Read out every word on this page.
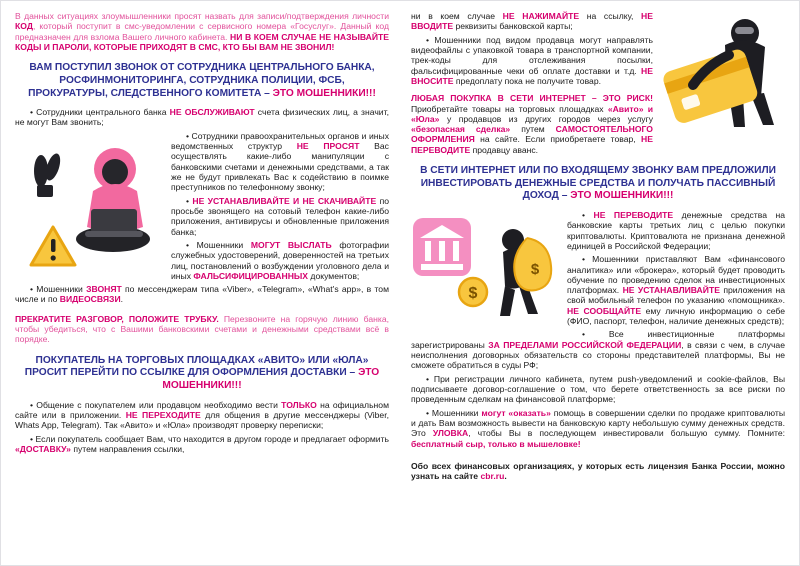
В данных ситуациях злоумышленники просят назвать для записи/подтверждения личности КОД, который поступит в смс-уведомлении с сервисного номера «Госуслуг». Данный код предназначен для взлома Вашего личного кабинета. НИ В КОЕМ СЛУЧАЕ НЕ НАЗЫВАЙТЕ КОДЫ И ПАРОЛИ, КОТОРЫЕ ПРИХОДЯТ В СМС, КТО БЫ ВАМ НЕ ЗВОНИЛ!

ВАМ ПОСТУПИЛ ЗВОНОК ОТ СОТРУДНИКА ЦЕНТРАЛЬНОГО БАНКА, РОСФИНМОНИТОРИНГА, СОТРУДНИКА ПОЛИЦИИ, ФСБ, ПРОКУРАТУРЫ, СЛЕДСТВЕННОГО КОМИТЕТА – ЭТО МОШЕННИКИ!!!

• Сотрудники центрального банка НЕ ОБСЛУЖИВАЮТ счета физических лиц, а значит, не могут Вам звонить;

• Сотрудники правоохранительных органов и иных ведомственных структур НЕ ПРОСЯТ Вас осуществлять какие-либо манипуляции с банковскими счетами и денежными средствами, а так же не будут привлекать Вас к содействию в поимке преступников по телефонному звонку;

• НЕ УСТАНАВЛИВАЙТЕ И НЕ СКАЧИВАЙТЕ по просьбе звонящего на сотовый телефон какие-либо приложения, антивирусы и обновленные приложения банка;

• Мошенники МОГУТ ВЫСЛАТЬ фотографии служебных удостоверений, доверенностей на третьих лиц, постановлений о возбуждении уголовного дела и иных ФАЛЬСИФИЦИРОВАННЫХ документов;

• Мошенники ЗВОНЯТ по мессенджерам типа «Viber», «Telegram», «What's app», в том числе и по ВИДЕОСВЯЗИ.

ПРЕКРАТИТЕ РАЗГОВОР, ПОЛОЖИТЕ ТРУБКУ. Перезвоните на горячую линию банка, чтобы убедиться, что с Вашими банковскими счетами и денежными средствами всё в порядке.

ПОКУПАТЕЛЬ НА ТОРГОВЫХ ПЛОЩАДКАХ «АВИТО» ИЛИ «ЮЛА» ПРОСИТ ПЕРЕЙТИ ПО ССЫЛКЕ ДЛЯ ОФОРМЛЕНИЯ ДОСТАВКИ – ЭТО МОШЕННИКИ!!!

• Общение с покупателем или продавцом необходимо вести ТОЛЬКО на официальном сайте или в приложении. НЕ ПЕРЕХОДИТЕ для общения в другие мессенджеры (Viber, Whats App, Telegram). Так «Авито» и «Юла» производят проверку переписки;

• Если покупатель сообщает Вам, что находится в другом городе и предлагает оформить «ДОСТАВКУ» путем направления ссылки,

ни в коем случае НЕ НАЖИМАЙТЕ на ссылку, НЕ ВВОДИТЕ реквизиты банковской карты;

• Мошенники под видом продавца могут направлять видеофайлы с упаковкой товара в транспортной компании, трек-коды для отслеживания посылки, фальсифицированные чеки об оплате доставки и т.д. НЕ ВНОСИТЕ предоплату пока не получите товар.

ЛЮБАЯ ПОКУПКА В СЕТИ ИНТЕРНЕТ – ЭТО РИСК! Приобретайте товары на торговых площадках «Авито» и «Юла» у продавцов из других городов через услугу «безопасная сделка» путем САМОСТОЯТЕЛЬНОГО ОФОРМЛЕНИЯ на сайте. Если приобретаете товар, НЕ ПЕРЕВОДИТЕ продавцу аванс.

В СЕТИ ИНТЕРНЕТ ИЛИ ПО ВХОДЯЩЕМУ ЗВОНКУ ВАМ ПРЕДЛОЖИЛИ ИНВЕСТИРОВАТЬ ДЕНЕЖНЫЕ СРЕДСТВА И ПОЛУЧАТЬ ПАССИВНЫЙ ДОХОД – ЭТО МОШЕННИКИ!!!
$
$

• НЕ ПЕРЕВОДИТЕ денежные средства на банковские карты третьих лиц с целью покупки криптовалюты. Криптовалюта не признана денежной единицей в Российской Федерации;

• Мошенники приставляют Вам «финансового аналитика» или «брокера», который будет проводить обучение по проведению сделок на инвестиционных платформах. НЕ УСТАНАВЛИВАЙТЕ приложения на свой мобильный телефон по указанию «помощника». НЕ СООБЩАЙТЕ ему личную информацию о себе (ФИО, паспорт, телефон, наличие денежных средств);

• Все инвестиционные платформы зарегистрированы ЗА ПРЕДЕЛАМИ РОССИЙСКОЙ ФЕДЕРАЦИИ, в связи с чем, в случае неисполнения договорных обязательств со стороны представителей платформы, Вы не сможете обратиться в суды РФ;

• При регистрации личного кабинета, путем push-уведомлений и cookie-файлов, Вы подписываете договор-соглашение о том, что берете ответственность за все риски по проведенным сделкам на финансовой платформе;

• Мошенники могут «оказать» помощь в совершении сделки по продаже криптовалюты и дать Вам возможность вывести на банковскую карту небольшую сумму денежных средств. Это УЛОВКА, чтобы Вы в последующем инвестировали большую сумму. Помните: бесплатный сыр, только в мышеловке!

Обо всех финансовых организациях, у которых есть лицензия Банка России, можно узнать на сайте cbr.ru.
